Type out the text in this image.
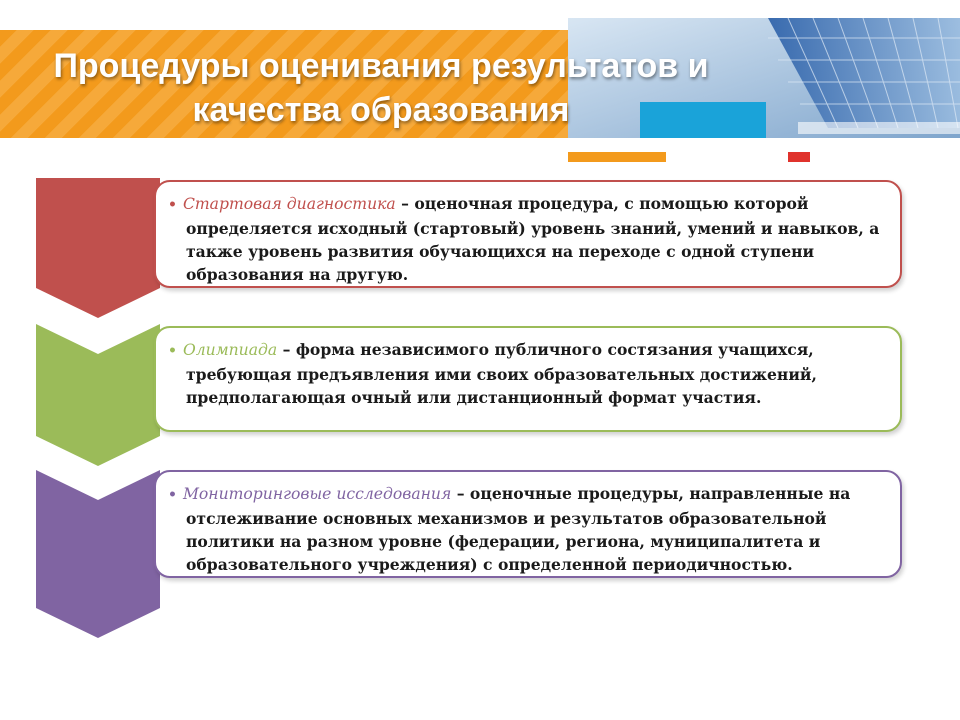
Процедуры оценивания результатов и
качества образования
• Стартовая диагностика – оценочная процедура, с помощью которой определяется исходный (стартовый) уровень знаний, умений и навыков, а также уровень развития обучающихся на переходе с одной ступени образования на другую.
• Олимпиада – форма независимого публичного состязания учащихся, требующая предъявления ими своих образовательных достижений, предполагающая очный или дистанционный формат участия.
• Мониторинговые исследования – оценочные процедуры, направленные на отслеживание основных механизмов и результатов образовательной политики на разном уровне (федерации, региона, муниципалитета и образовательного учреждения) с определенной периодичностью.
